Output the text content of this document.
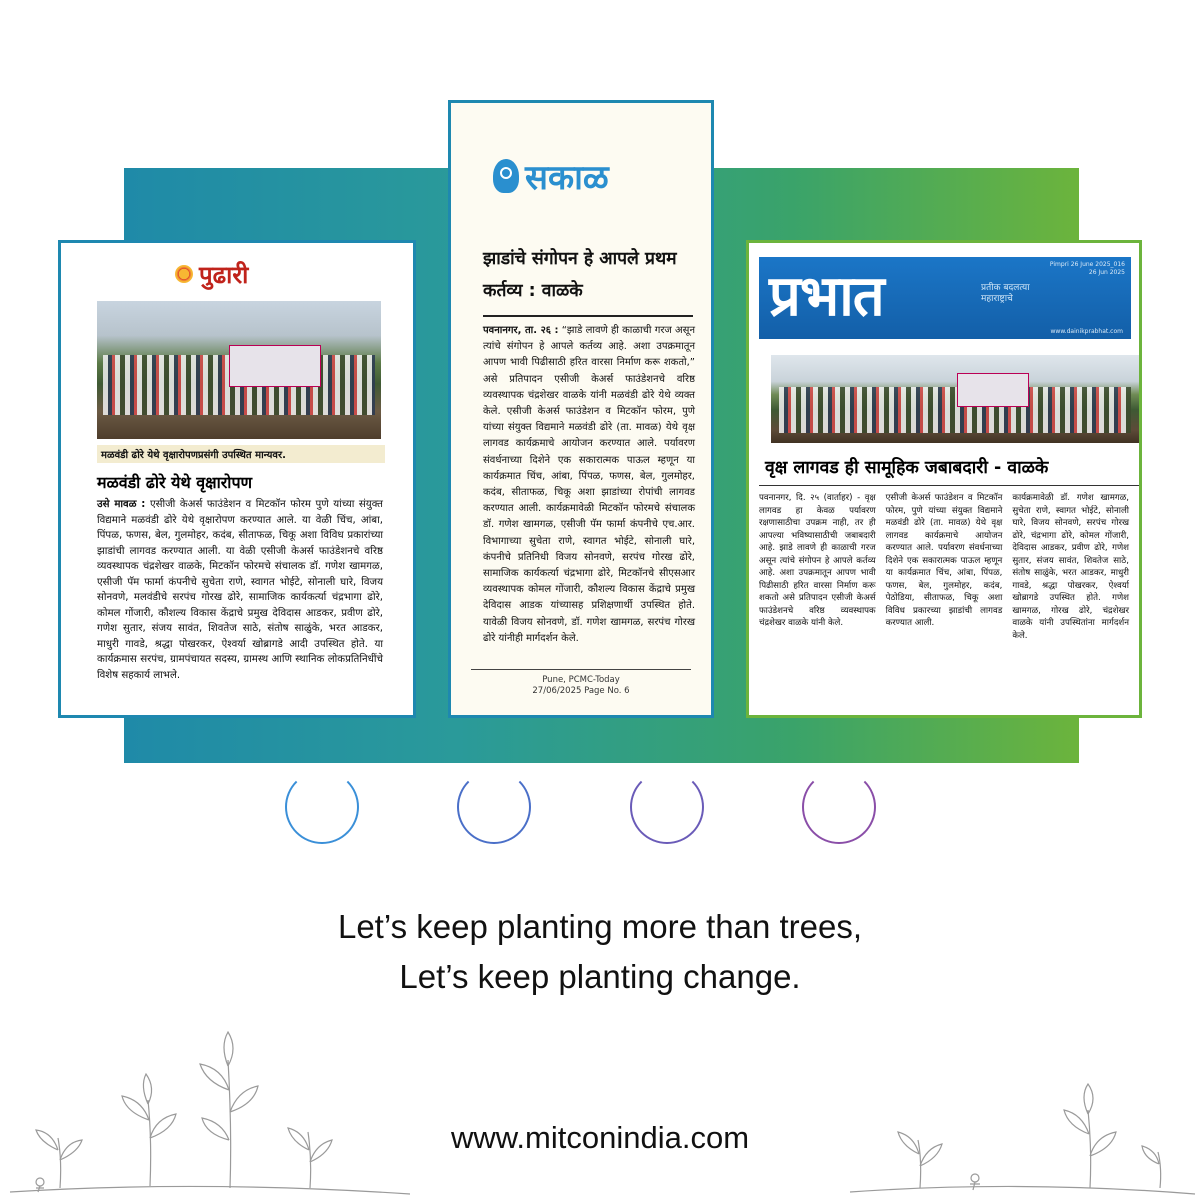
पुढारी
मळवंडी ढोरे येथे वृक्षारोपणप्रसंगी उपस्थित मान्यवर.
मळवंडी ढोरे येथे वृक्षारोपण
उसे मावळ : एसीजी केअर्स फाउंडेशन व मिटकॉन फोरम पुणे यांच्या संयुक्त विद्यमाने मळवंडी ढोरे येथे वृक्षारोपण करण्यात आले. या वेळी चिंच, आंबा, पिंपळ, फणस, बेल, गुलमोहर, कदंब, सीताफळ, चिकू अशा विविध प्रकारांच्या झाडांची लागवड करण्यात आली. या वेळी एसीजी केअर्स फाउंडेशनचे वरिष्ठ व्यवस्थापक चंद्रशेखर वाळके, मिटकॉन फोरमचे संचालक डॉ. गणेश खामगळ, एसीजी पॅम फार्मा कंपनीचे सुचेता राणे, स्वागत भोईटे, सोनाली घारे, विजय सोनवणे, मलवंडीचे सरपंच गोरख ढोरे, सामाजिक कार्यकर्त्या चंद्रभागा ढोरे, कोमल गोंजारी, कौशल्य विकास केंद्राचे प्रमुख देविदास आडकर, प्रवीण ढोरे, गणेश सुतार, संजय सावंत, शिवतेज साठे, संतोष साळुंके, भरत आडकर, माधुरी गावडे, श्रद्धा पोखरकर, ऐश्वर्या खोब्रागडे आदी उपस्थित होते. या कार्यक्रमास सरपंच, ग्रामपंचायत सदस्य, ग्रामस्थ आणि स्थानिक लोकप्रतिनिधींचे विशेष सहकार्य लाभले.
सकाळ
झाडांचे संगोपन हे आपले प्रथम कर्तव्य : वाळके
पवनानगर, ता. २६ : “झाडे लावणे ही काळाची गरज असून त्यांचे संगोपन हे आपले कर्तव्य आहे. अशा उपक्रमातून आपण भावी पिढीसाठी हरित वारसा निर्माण करू शकतो,” असे प्रतिपादन एसीजी केअर्स फाउंडेशनचे वरिष्ठ व्यवस्थापक चंद्रशेखर वाळके यांनी मळवंडी ढोरे येथे व्यक्त केले. एसीजी केअर्स फाउंडेशन व मिटकॉन फोरम, पुणे यांच्या संयुक्त विद्यमाने मळवंडी ढोरे (ता. मावळ) येथे वृक्ष लागवड कार्यक्रमाचे आयोजन करण्यात आले. पर्यावरण संवर्धनाच्या दिशेने एक सकारात्मक पाऊल म्हणून या कार्यक्रमात चिंच, आंबा, पिंपळ, फणस, बेल, गुलमोहर, कदंब, सीताफळ, चिकू अशा झाडांच्या रोपांची लागवड करण्यात आली. कार्यक्रमावेळी मिटकॉन फोरमचे संचालक डॉ. गणेश खामगळ, एसीजी पॅम फार्मा कंपनीचे एच.आर. विभागाच्या सुचेता राणे, स्वागत भोईटे, सोनाली घारे, कंपनीचे प्रतिनिधी विजय सोनवणे, सरपंच गोरख ढोरे, सामाजिक कार्यकर्त्या चंद्रभागा ढोरे, मिटकॉनचे सीएसआर व्यवस्थापक कोमल गोंजारी, कौशल्य विकास केंद्राचे प्रमुख देविदास आडक यांच्यासह प्रशिक्षणार्थी उपस्थित होते. यावेळी विजय सोनवणे, डॉ. गणेश खामगळ, सरपंच गोरख ढोरे यांनीही मार्गदर्शन केले.
Pune, PCMC-Today
27/06/2025 Page No. 6
प्रभात	प्रतीक बदलत्या महाराष्ट्राचे
Pimpri 26 June 2025_016
26 Jun 2025
www.dainikprabhat.com
वृक्ष लागवड ही सामूहिक जबाबदारी - वाळके
पवनानगर, दि. २५ (वार्ताहर) - वृक्ष लागवड हा केवळ पर्यावरण रक्षणासाठीचा उपक्रम नाही, तर ही आपल्या भविष्यासाठीची जबाबदारी आहे. झाडे लावणे ही काळाची गरज असून त्यांचे संगोपन हे आपले कर्तव्य आहे. अशा उपक्रमातून आपण भावी पिढीसाठी हरित वारसा निर्माण करू शकतो असे प्रतिपादन एसीजी केअर्स फाउंडेशनचे वरिष्ठ व्यवस्थापक चंद्रशेखर वाळके यांनी केले.
एसीजी केअर्स फाउंडेशन व मिटकॉन फोरम, पुणे यांच्या संयुक्त विद्यमाने मळवंडी ढोरे (ता. मावळ) येथे वृक्ष लागवड कार्यक्रमाचे आयोजन करण्यात आले. पर्यावरण संवर्धनाच्या दिशेने एक सकारात्मक पाऊल म्हणून या कार्यक्रमात चिंच, आंबा, पिंपळ, फणस, बेल, गुलमोहर, कदंब, पेठोडिया, सीताफळ, चिकू अशा विविध प्रकारच्या झाडांची लागवड करण्यात आली.
कार्यक्रमावेळी डॉ. गणेश खामगळ, सुचेता राणे, स्वागत भोईटे, सोनाली घारे, विजय सोनवणे, सरपंच गोरख ढोरे, चंद्रभागा ढोरे, कोमल गोंजारी, देविदास आडकर, प्रवीण ढोरे, गणेश सुतार, संजय सावंत, शिवतेज साठे, संतोष साळुंके, भरत आडकर, माधुरी गावडे, श्रद्धा पोखरकर, ऐश्वर्या खोब्रागडे उपस्थित होते. गणेश खामगळ, गोरख ढोरे, चंद्रशेखर वाळके यांनी उपस्थितांना मार्गदर्शन केले.
Let’s keep planting more than trees,
Let’s keep planting change.
www.mitconindia.com
